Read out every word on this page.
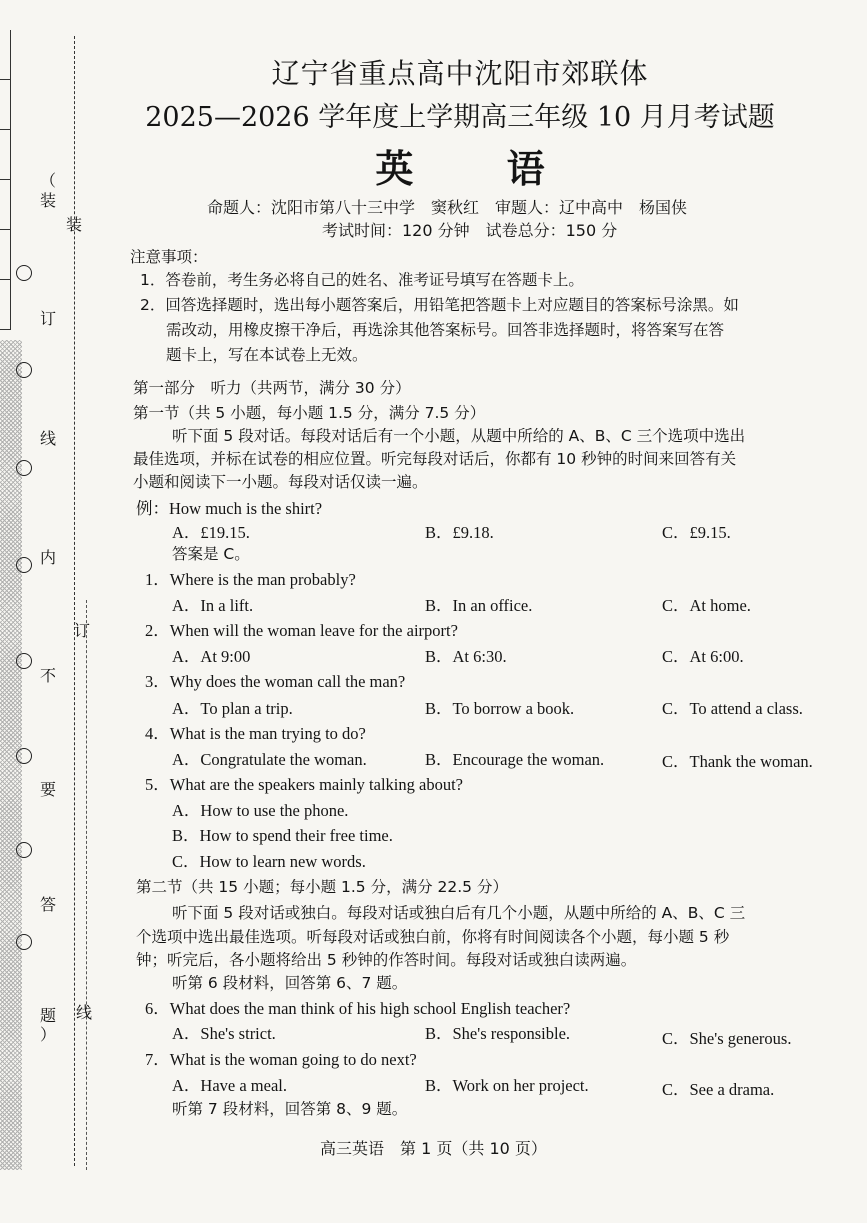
（
装
订
线
内
不
要
答
题
）
装
订
线
辽宁省重点高中沈阳市郊联体
2025—2026 学年度上学期高三年级 10 月月考试题
英 语
命题人：沈阳市第八十三中学　窦秋红　审题人：辽中高中　杨国侠
考试时间：120 分钟　试卷总分：150 分
注意事项：
1．答卷前，考生务必将自己的姓名、准考证号填写在答题卡上。
2．回答选择题时，选出每小题答案后，用铅笔把答题卡上对应题目的答案标号涂黑。如
需改动，用橡皮擦干净后，再选涂其他答案标号。回答非选择题时，将答案写在答
题卡上，写在本试卷上无效。
第一部分　听力（共两节，满分 30 分）
第一节（共 5 小题，每小题 1.5 分，满分 7.5 分）
听下面 5 段对话。每段对话后有一个小题，从题中所给的 A、B、C 三个选项中选出
最佳选项，并标在试卷的相应位置。听完每段对话后，你都有 10 秒钟的时间来回答有关
小题和阅读下一小题。每段对话仅读一遍。
例：How much is the shirt?
A．£19.15.	B．£9.18.	C．£9.15.
答案是 C。
1．Where is the man probably?
A．In a lift.	B．In an office.	C．At home.
2．When will the woman leave for the airport?
A．At 9:00	B．At 6:30.	C．At 6:00.
3．Why does the woman call the man?
A．To plan a trip.	B．To borrow a book.	C．To attend a class.
4．What is the man trying to do?
A．Congratulate the woman.	B．Encourage the woman.	C．Thank the woman.
5．What are the speakers mainly talking about?
A．How to use the phone.
B．How to spend their free time.
C．How to learn new words.
第二节（共 15 小题；每小题 1.5 分，满分 22.5 分）
听下面 5 段对话或独白。每段对话或独白后有几个小题，从题中所给的 A、B、C 三
个选项中选出最佳选项。听每段对话或独白前，你将有时间阅读各个小题，每小题 5 秒
钟；听完后，各小题将给出 5 秒钟的作答时间。每段对话或独白读两遍。
听第 6 段材料，回答第 6、7 题。
6．What does the man think of his high school English teacher?
A．She's strict.	B．She's responsible.	C．She's generous.
7．What is the woman going to do next?
A．Have a meal.	B．Work on her project.	C．See a drama.
听第 7 段材料，回答第 8、9 题。
高三英语　第 1 页（共 10 页）
